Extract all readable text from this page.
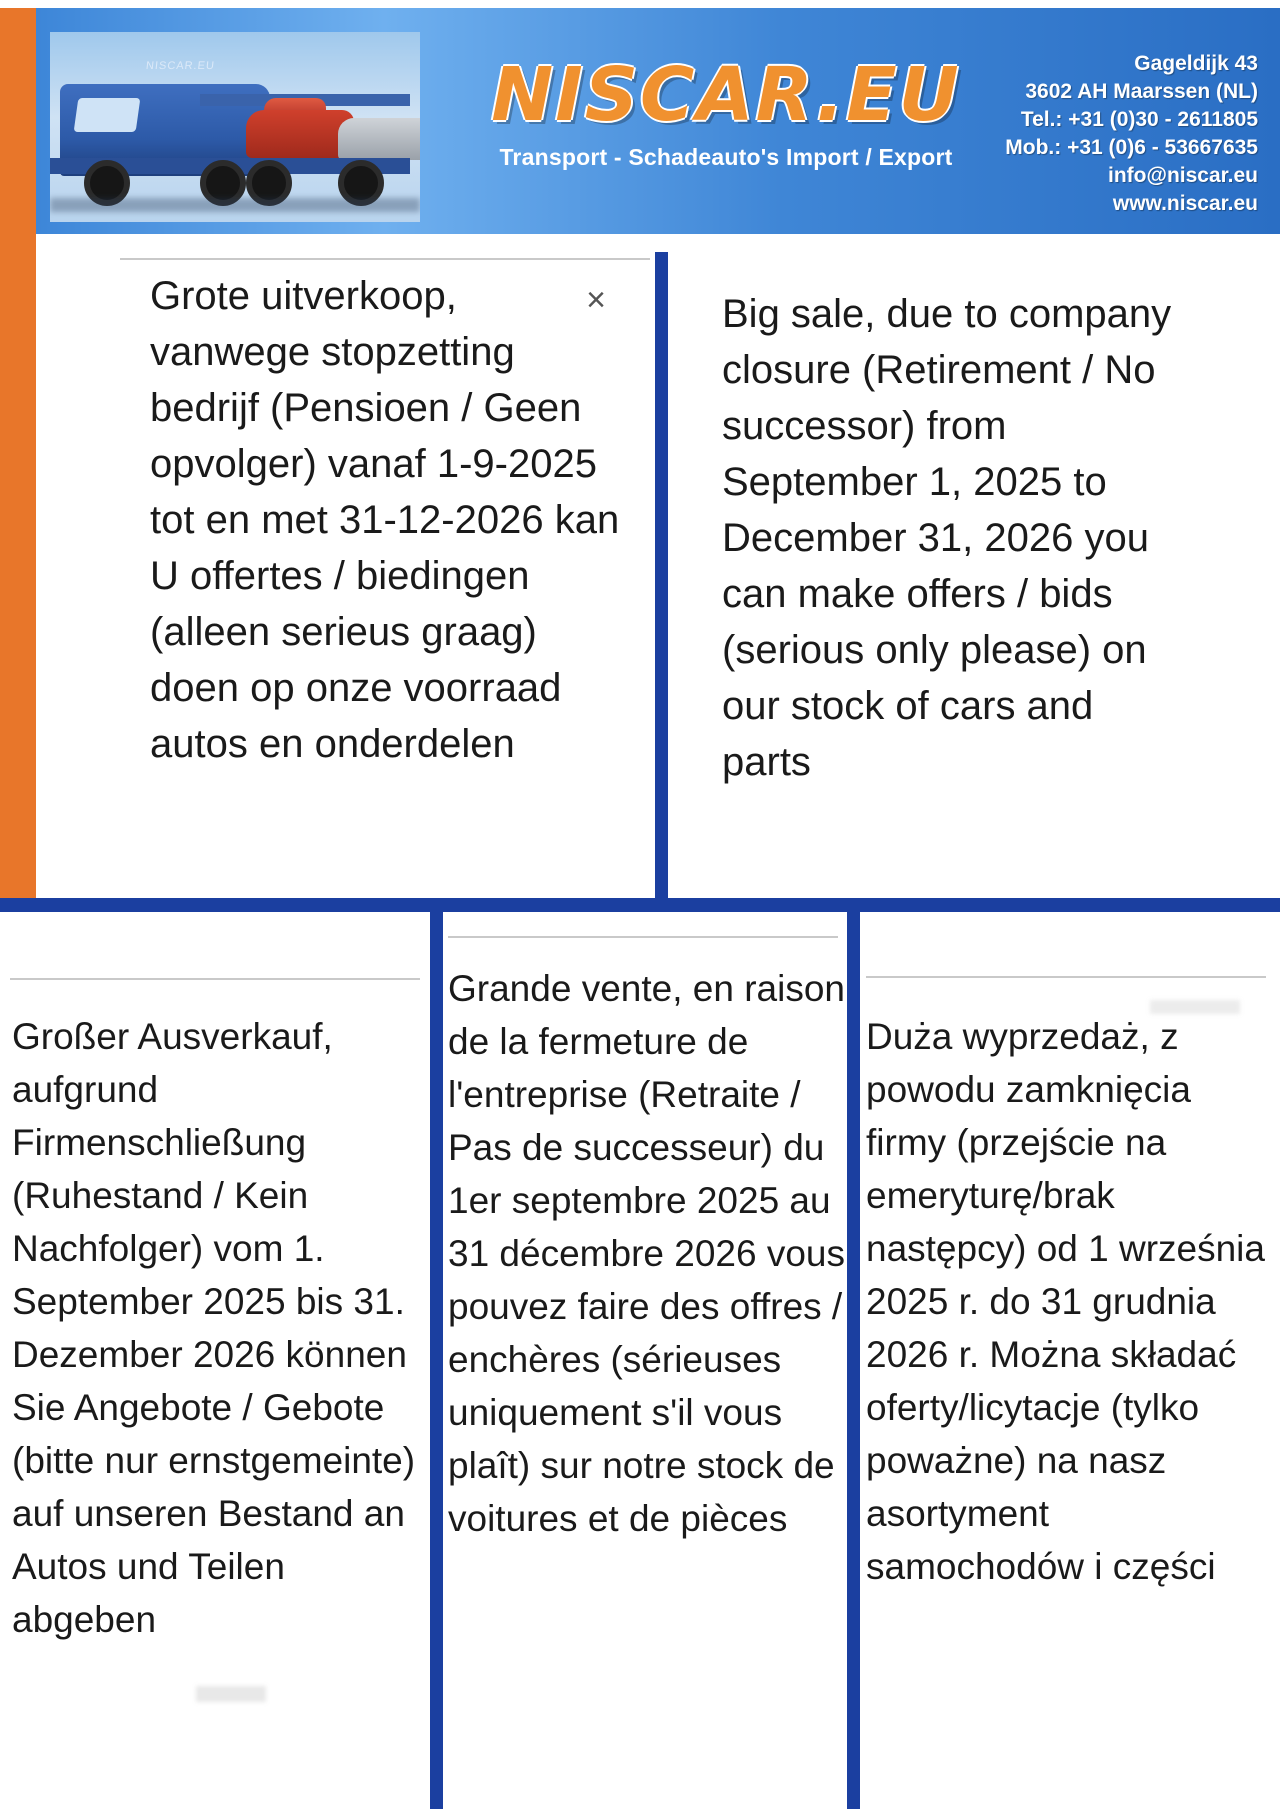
NISCAR.EU	NISCAR.EU
Transport - Schadeauto's Import / Export
Gageldijk 43
3602 AH Maarssen (NL)
Tel.: +31 (0)30 - 2611805
Mob.: +31 (0)6 - 53667635
info@niscar.eu
www.niscar.eu

Grote uitverkoop, vanwege stopzetting bedrijf (Pensioen / Geen opvolger) vanaf 1-9-2025 tot en met 31-12-2026 kan U offertes / biedingen (alleen serieus graag) doen op onze voorraad autos en onderdelen

×	Big sale, due to company closure (Retirement / No successor) from September 1, 2025 to December 31, 2026 you can make offers / bids (serious only please) on our stock of cars and parts

Großer Ausverkauf, aufgrund Firmenschließung (Ruhestand / Kein Nachfolger) vom 1. September 2025 bis 31. Dezember 2026 können Sie Angebote / Gebote (bitte nur ernstgemeinte) auf unseren Bestand an Autos und Teilen abgeben

Grande vente, en raison de la fermeture de l'entreprise (Retraite / Pas de successeur) du 1er septembre 2025 au 31 décembre 2026 vous pouvez faire des offres / enchères (sérieuses uniquement s'il vous plaît) sur notre stock de voitures et de pièces

Duża wyprzedaż, z powodu zamknięcia firmy (przejście na emeryturę/brak następcy) od 1 września 2025 r. do 31 grudnia 2026 r. Można składać oferty/licytacje (tylko poważne) na nasz asortyment samochodów i części
